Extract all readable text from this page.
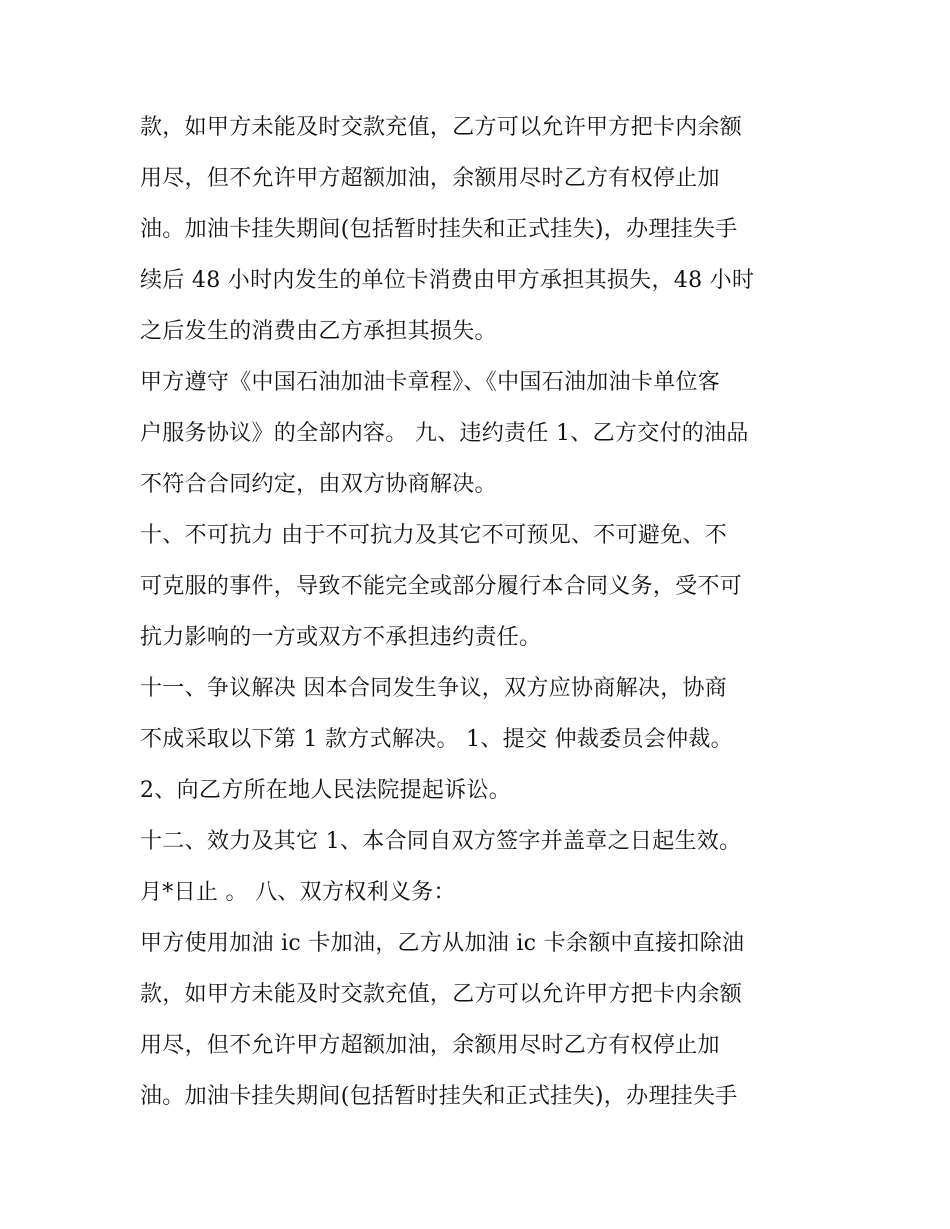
款，如甲方未能及时交款充值，乙方可以允许甲方把卡内余额
用尽，但不允许甲方超额加油，余额用尽时乙方有权停止加
油。加油卡挂失期间(包括暂时挂失和正式挂失)，办理挂失手
续后 48 小时内发生的单位卡消费由甲方承担其损失，48 小时
之后发生的消费由乙方承担其损失。
甲方遵守《中国石油加油卡章程》、《中国石油加油卡单位客
户服务协议》的全部内容。 九、违约责任 1、乙方交付的油品
不符合合同约定，由双方协商解决。
十、不可抗力 由于不可抗力及其它不可预见、不可避免、不
可克服的事件，导致不能完全或部分履行本合同义务，受不可
抗力影响的一方或双方不承担违约责任。
十一、争议解决 因本合同发生争议，双方应协商解决，协商
不成采取以下第 1 款方式解决。 1、提交 仲裁委员会仲裁。
2、向乙方所在地人民法院提起诉讼。
十二、效力及其它 1、本合同自双方签字并盖章之日起生效。
月*日止 。 八、双方权利义务：
甲方使用加油 ic 卡加油，乙方从加油 ic 卡余额中直接扣除油
款，如甲方未能及时交款充值，乙方可以允许甲方把卡内余额
用尽，但不允许甲方超额加油，余额用尽时乙方有权停止加
油。加油卡挂失期间(包括暂时挂失和正式挂失)，办理挂失手
